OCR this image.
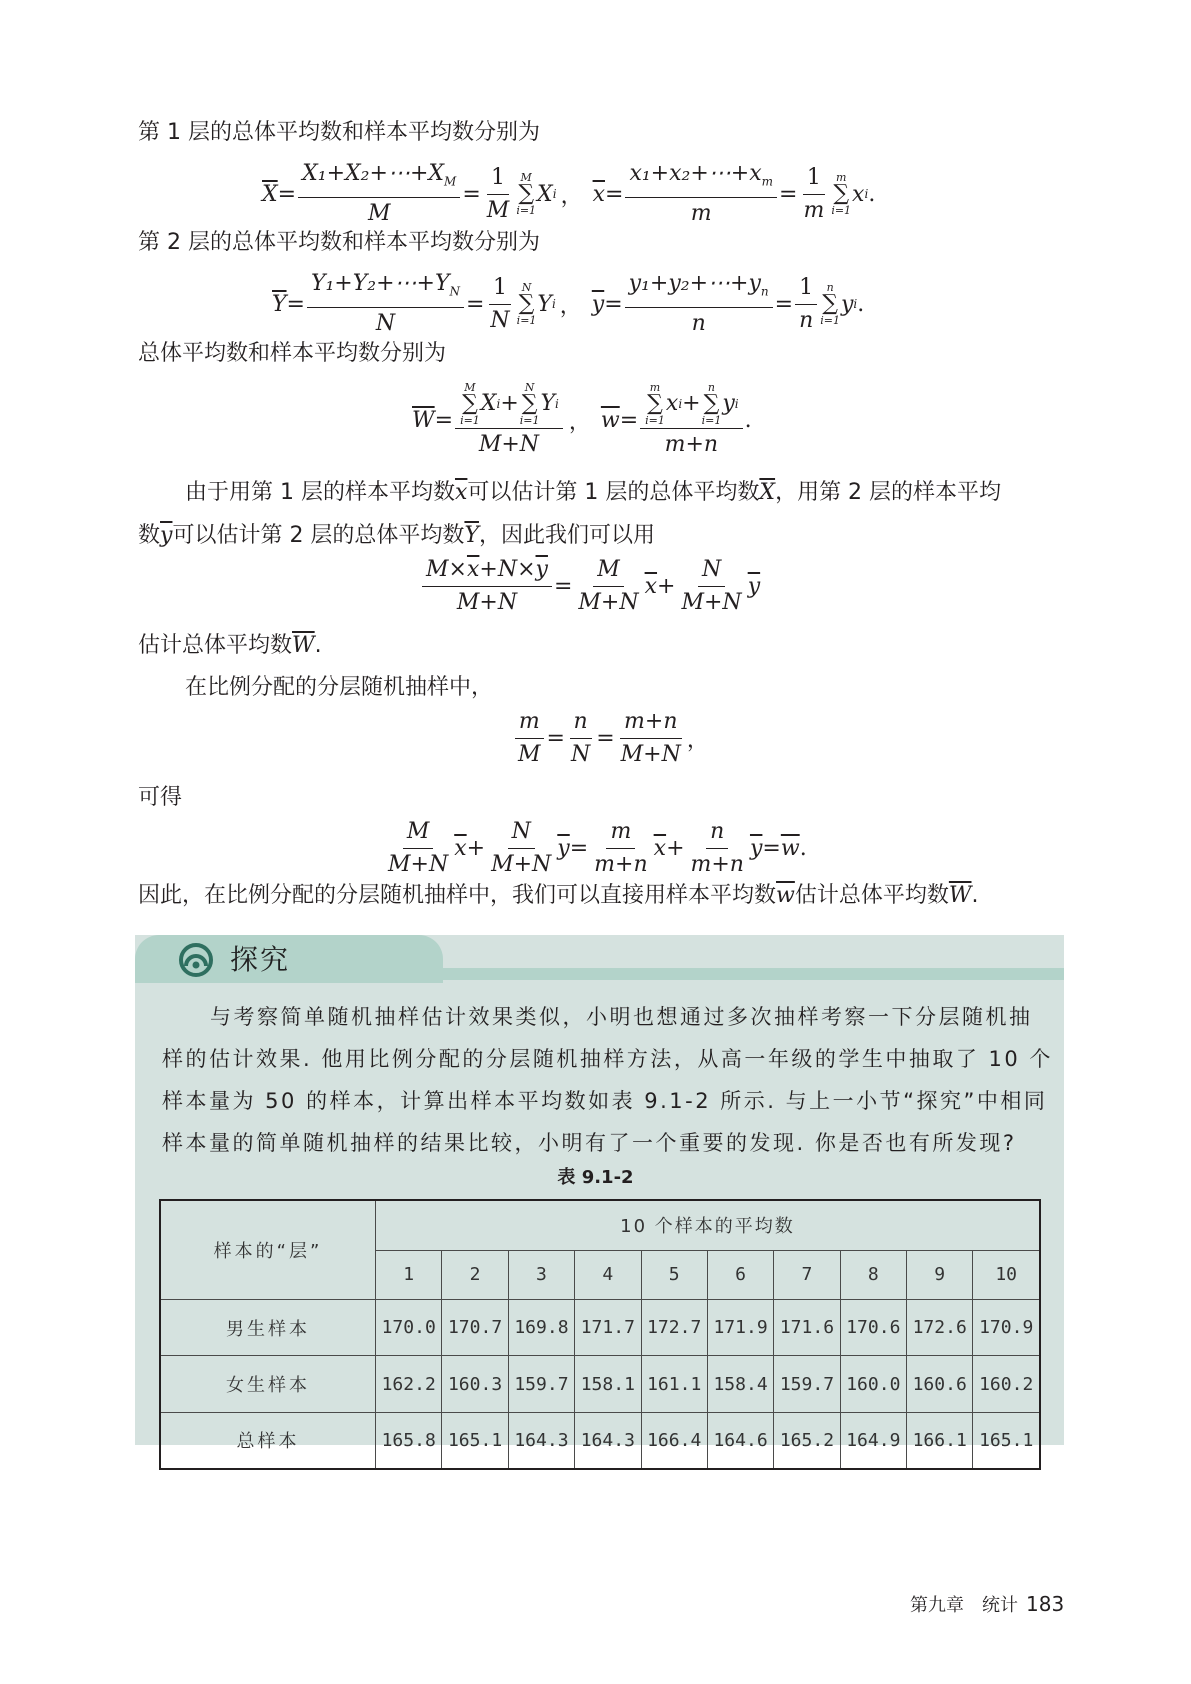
第 1 层的总体平均数和样本平均数分别为
$\overline{X} = \frac{X_1+X_2+\cdots+X_M}{M} = \frac{1}{M}$ M
∑
i=1
X i ， $\overline{x} = \frac{x_1+x_2+\cdots+x_m}{m} = \frac{1}{m}$ m
∑
i=1
x i .
第 2 层的总体平均数和样本平均数分别为
$\overline{Y} = \frac{Y_1+Y_2+\cdots+Y_N}{N} = \frac{1}{N}$ N
∑
i=1
Y i ， $\overline{y} = \frac{y_1+y_2+\cdots+y_n}{n} = \frac{1}{n}$ n
∑
i=1
y i .
总体平均数和样本平均数分别为
$\overline{W}$ =
M
∑
i=1
X i +
N
∑
i=1
Y i
M+N
， $\overline{w}$ =
m
∑
i=1
x i +
n
∑
i=1
y i
m+n
.
由于用第 1 层的样本平均数$\overline{x}$可以估计第 1 层的总体平均数$\overline{X}$，用第 2 层的样本平均
数$\overline{y}$可以估计第 2 层的总体平均数$\overline{Y}$，因此我们可以用
$\frac{M\times\overline{x}+N\times\overline{y}}{M+N} = \frac{M}{M+N} \overline{x} + \frac{N}{M+N} \overline{y}$
估计总体平均数$\overline{W}$.
在比例分配的分层随机抽样中，
$\frac{m}{M} = \frac{n}{N} = \frac{m+n}{M+N}$ ，
可得
$\frac{M}{M+N} \overline{x} + \frac{N}{M+N} \overline{y} = \frac{m}{m+n} \overline{x} + \frac{n}{m+n} \overline{y} = \overline{w}$ .
因此，在比例分配的分层随机抽样中，我们可以直接用样本平均数$\overline{w}$估计总体平均数$\overline{W}$.
探究
与考察简单随机抽样估计效果类似，小明也想通过多次抽样考察一下分层随机抽
样的估计效果. 他用比例分配的分层随机抽样方法，从高一年级的学生中抽取了 10 个
样本量为 50 的样本，计算出样本平均数如表 9.1-2 所示. 与上一小节“探究”中相同
样本量的简单随机抽样的结果比较，小明有了一个重要的发现. 你是否也有所发现?
表 9.1-2
样本的“层”	10 个样本的平均数									
	1	2	3	4	5	6	7	8	9	10
男生样本	170.0	170.7	169.8	171.7	172.7	171.9	171.6	170.6	172.6	170.9
女生样本	162.2	160.3	159.7	158.1	161.1	158.4	159.7	160.0	160.6	160.2
总样本	165.8	165.1	164.3	164.3	166.4	164.6	165.2	164.9	166.1	165.1
第九章　统计 183
